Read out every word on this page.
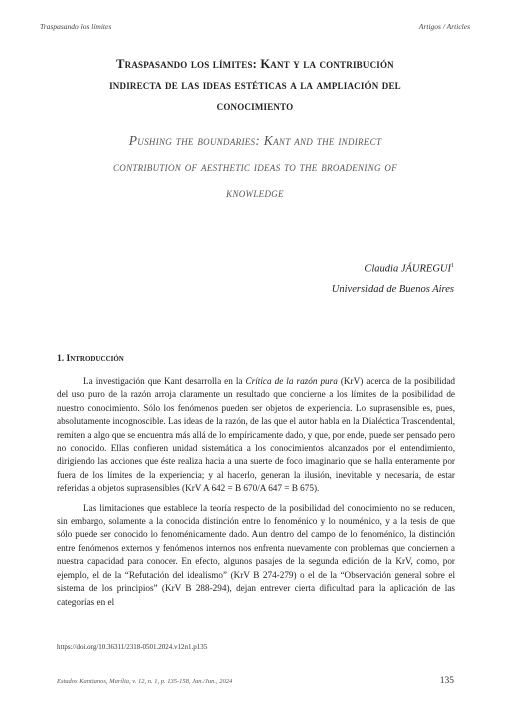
Traspasando los límites	Artigos / Articles
Traspasando los límites: Kant y la contribución
indirecta de las ideas estéticas a la ampliación del
conocimiento
Pushing the boundaries: Kant and the indirect
contribution of aesthetic ideas to the broadening of
knowledge
Claudia JÁUREGUI$^1$
Universidad de Buenos Aires
1. Introducción

La investigación que Kant desarrolla en la Crítica de la razón pura (KrV) acerca de la posibilidad del uso puro de la razón arroja claramente un resultado que concierne a los límites de la posibilidad de nuestro conocimiento. Sólo los fenómenos pueden ser objetos de experiencia. Lo suprasensible es, pues, absolutamente incognoscible. Las ideas de la razón, de las que el autor habla en la Dialéctica Trascendental, remiten a algo que se encuentra más allá de lo empíricamente dado, y que, por ende, puede ser pensado pero no conocido. Ellas confieren unidad sistemática a los conocimientos alcanzados por el entendimiento, dirigiendo las acciones que éste realiza hacia a una suerte de foco imaginario que se halla enteramente por fuera de los límites de la experiencia; y al hacerlo, generan la ilusión, inevitable y necesaria, de estar referidas a objetos suprasensibles (KrV A 642 = B 670/A 647 = B 675).

Las limitaciones que establece la teoría respecto de la posibilidad del conocimiento no se reducen, sin embargo, solamente a la conocida distinción entre lo fenoménico y lo nouménico, y a la tesis de que sólo puede ser conocido lo fenoménicamente dado. Aun dentro del campo de lo fenoménico, la distinción entre fenómenos externos y fenómenos internos nos enfrenta nuevamente con problemas que conciernen a nuestra capacidad para conocer. En efecto, algunos pasajes de la segunda edición de la KrV, como, por ejemplo, el de la “Refutación del idealismo” (KrV B 274-279) o el de la “Observación general sobre el sistema de los principios” (KrV B 288-294), dejan entrever cierta dificultad para la aplicación de las categorías en el

https://doi.org/10.36311/2318-0501.2024.v12n1.p135
Estudos Kantianos, Marília, v. 12, n. 1, p. 135-158, Jan./Jun., 2024	135
